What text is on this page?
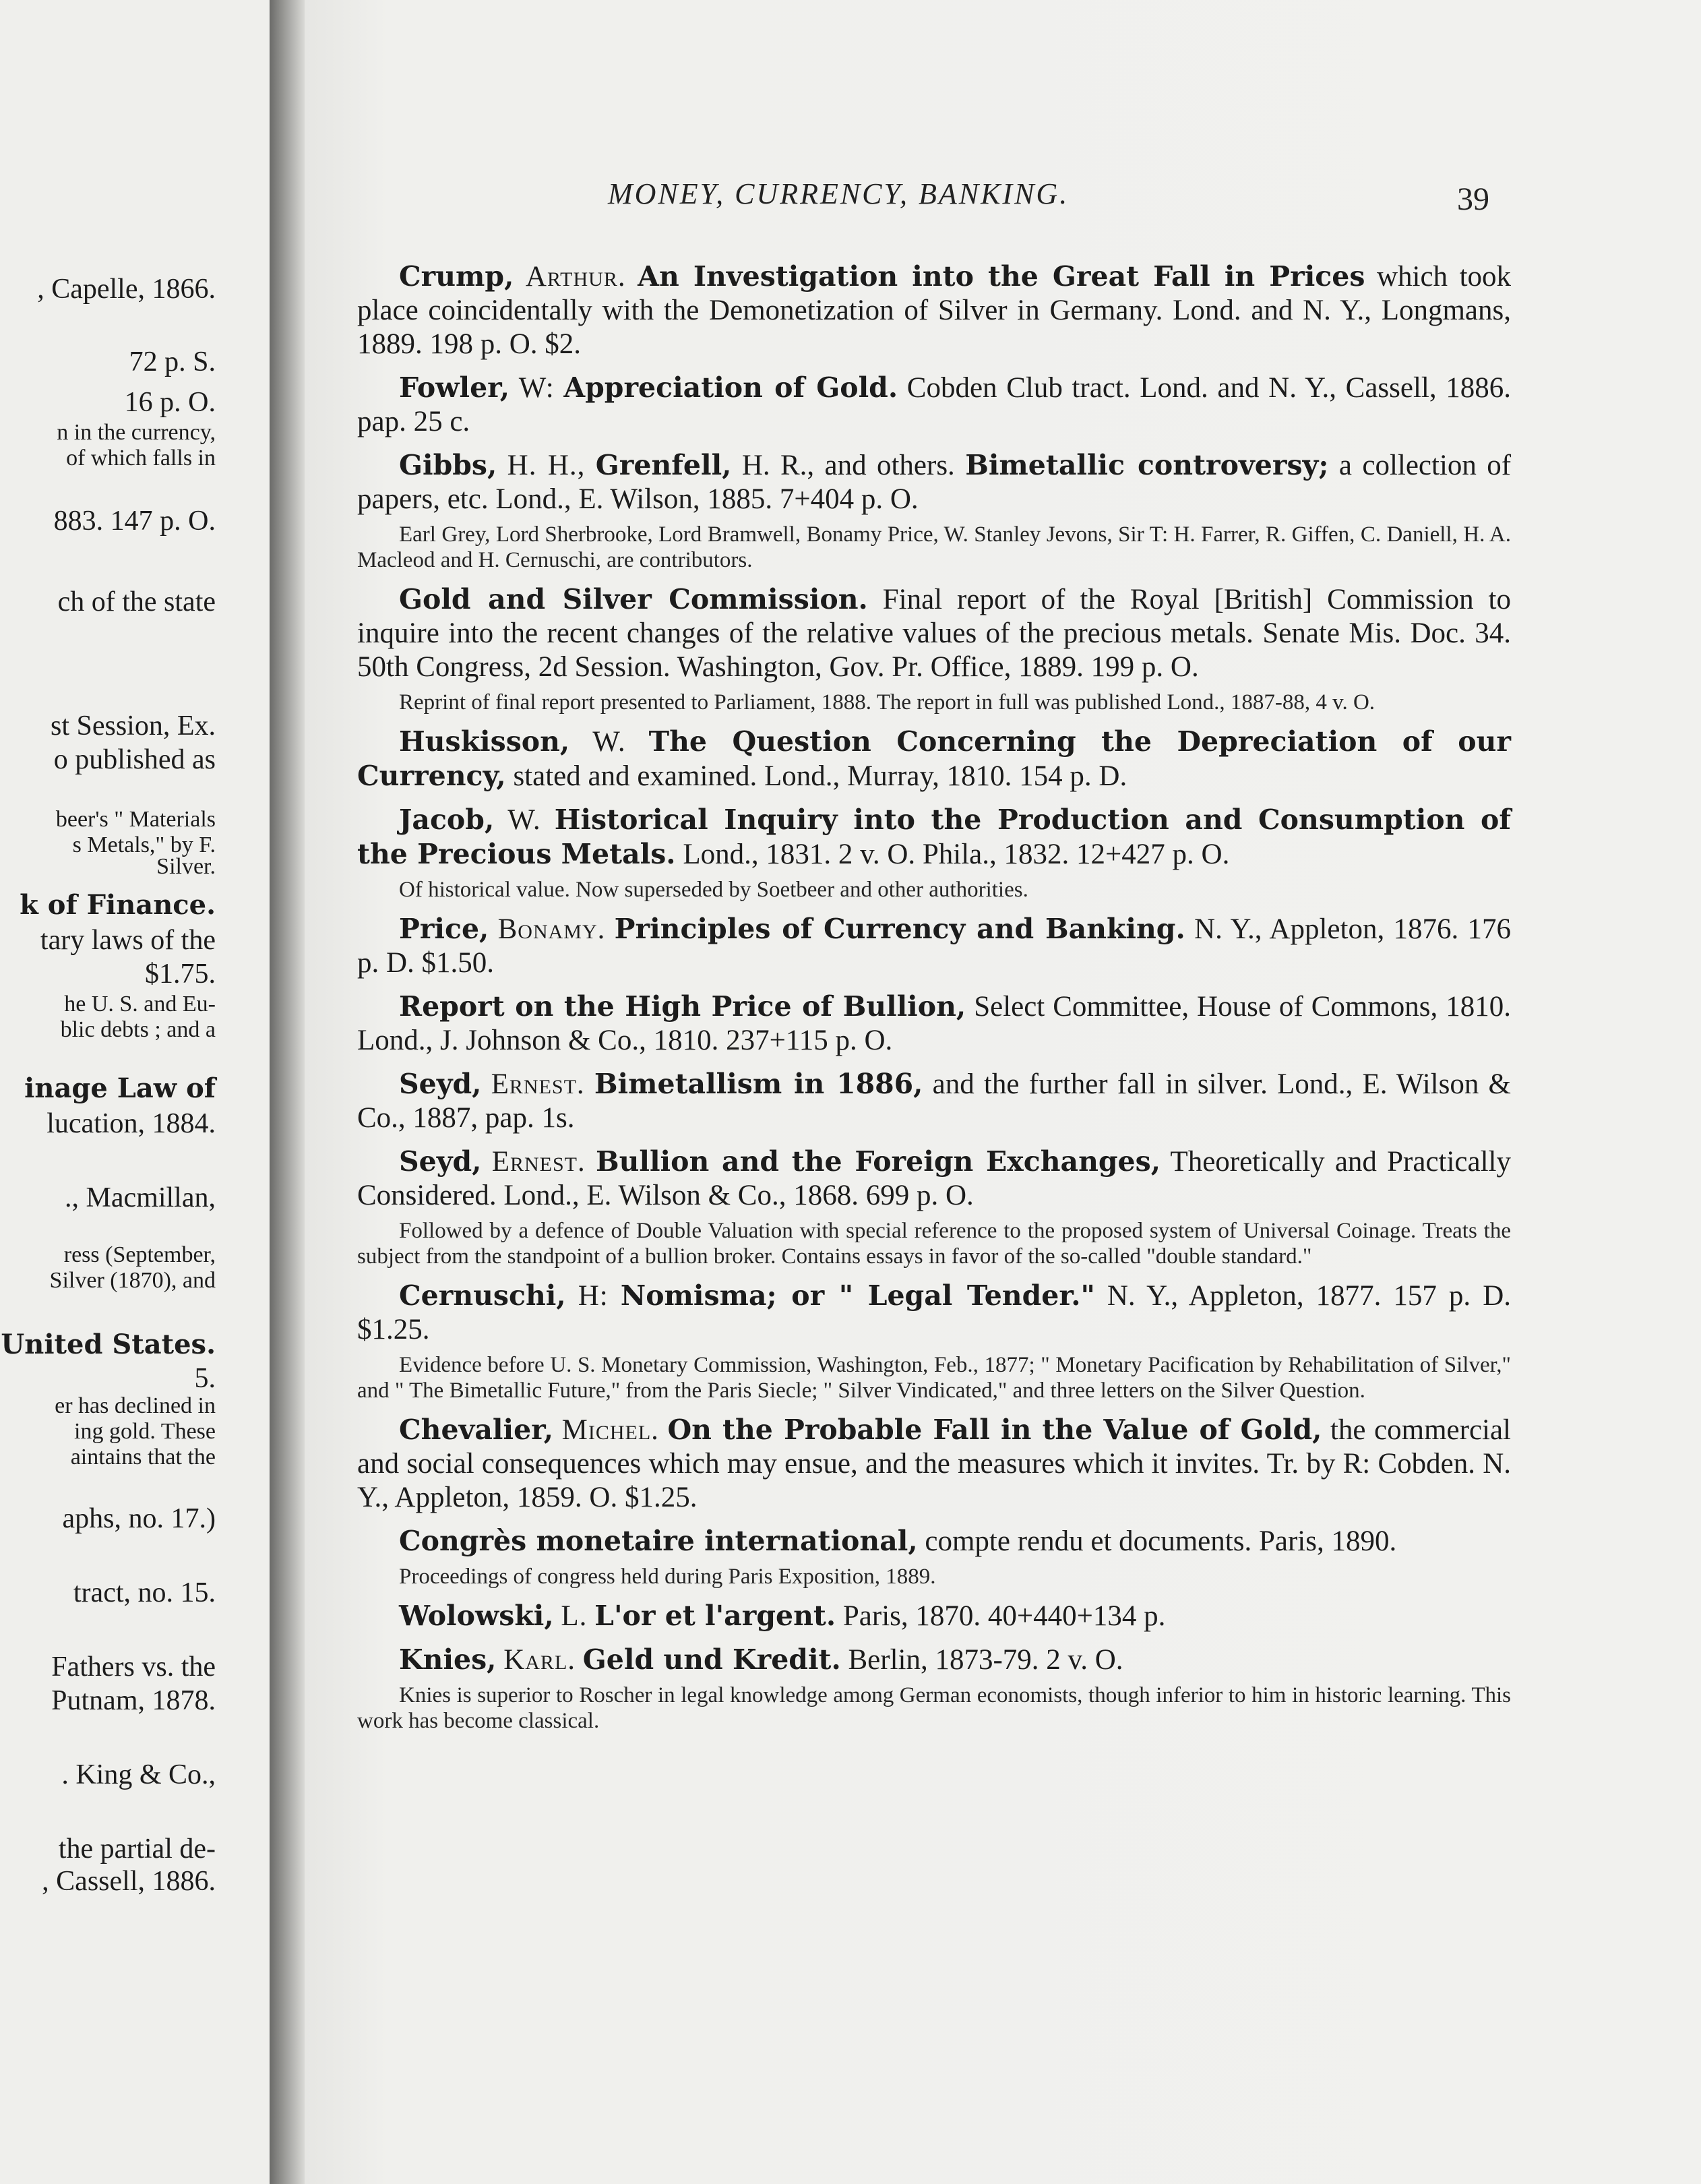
, Capelle, 1866.
72 p. S.
16 p. O.
n in the currency,
of which falls in
883. 147 p. O.
ch of the state
st Session, Ex.
o published as
beer's " Materials
s Metals," by F.
Silver.
k of Finance.
tary laws of the
$1.75.
he U. S. and Eu-
blic debts ; and a
inage Law of
lucation, 1884.
., Macmillan,
ress (September,
Silver (1870), and
United States.
5.
er has declined in
ing gold. These
aintains that the
aphs, no. 17.)
tract, no. 15.
Fathers vs. the
Putnam, 1878.
. King & Co.,
the partial de-
, Cassell, 1886.
MONEY, CURRENCY, BANKING.	39
Crump, Arthur. An Investigation into the Great Fall in Prices which took place coincidentally with the Demonetization of Silver in Germany. Lond. and N. Y., Longmans, 1889. 198 p. O. $2.
Fowler, W: Appreciation of Gold. Cobden Club tract. Lond. and N. Y., Cassell, 1886. pap. 25 c.
Gibbs, H. H., Grenfell, H. R., and others. Bimetallic controversy; a collection of papers, etc. Lond., E. Wilson, 1885. 7+404 p. O.
Earl Grey, Lord Sherbrooke, Lord Bramwell, Bonamy Price, W. Stanley Jevons, Sir T: H. Farrer, R. Giffen, C. Daniell, H. A. Macleod and H. Cernuschi, are contributors.
Gold and Silver Commission. Final report of the Royal [British] Commission to inquire into the recent changes of the relative values of the precious metals. Senate Mis. Doc. 34. 50th Congress, 2d Session. Washington, Gov. Pr. Office, 1889. 199 p. O.
Reprint of final report presented to Parliament, 1888. The report in full was published Lond., 1887-88, 4 v. O.
Huskisson, W. The Question Concerning the Depreciation of our Currency, stated and examined. Lond., Murray, 1810. 154 p. D.
Jacob, W. Historical Inquiry into the Production and Consumption of the Precious Metals. Lond., 1831. 2 v. O. Phila., 1832. 12+427 p. O.
Of historical value. Now superseded by Soetbeer and other authorities.
Price, Bonamy. Principles of Currency and Banking. N. Y., Appleton, 1876. 176 p. D. $1.50.
Report on the High Price of Bullion, Select Committee, House of Commons, 1810. Lond., J. Johnson & Co., 1810. 237+115 p. O.
Seyd, Ernest. Bimetallism in 1886, and the further fall in silver. Lond., E. Wilson & Co., 1887, pap. 1s.
Seyd, Ernest. Bullion and the Foreign Exchanges, Theoretically and Practically Considered. Lond., E. Wilson & Co., 1868. 699 p. O.
Followed by a defence of Double Valuation with special reference to the proposed system of Universal Coinage. Treats the subject from the standpoint of a bullion broker. Contains essays in favor of the so-called "double standard."
Cernuschi, H: Nomisma; or " Legal Tender." N. Y., Appleton, 1877. 157 p. D. $1.25.
Evidence before U. S. Monetary Commission, Washington, Feb., 1877; " Monetary Pacification by Rehabilitation of Silver," and " The Bimetallic Future," from the Paris Siecle; " Silver Vindicated," and three letters on the Silver Question.
Chevalier, Michel. On the Probable Fall in the Value of Gold, the commercial and social consequences which may ensue, and the measures which it invites. Tr. by R: Cobden. N. Y., Appleton, 1859. O. $1.25.
Congrès monetaire international, compte rendu et documents. Paris, 1890.
Proceedings of congress held during Paris Exposition, 1889.
Wolowski, L. L'or et l'argent. Paris, 1870. 40+440+134 p.
Knies, Karl. Geld und Kredit. Berlin, 1873-79. 2 v. O.
Knies is superior to Roscher in legal knowledge among German economists, though inferior to him in historic learning. This work has become classical.
